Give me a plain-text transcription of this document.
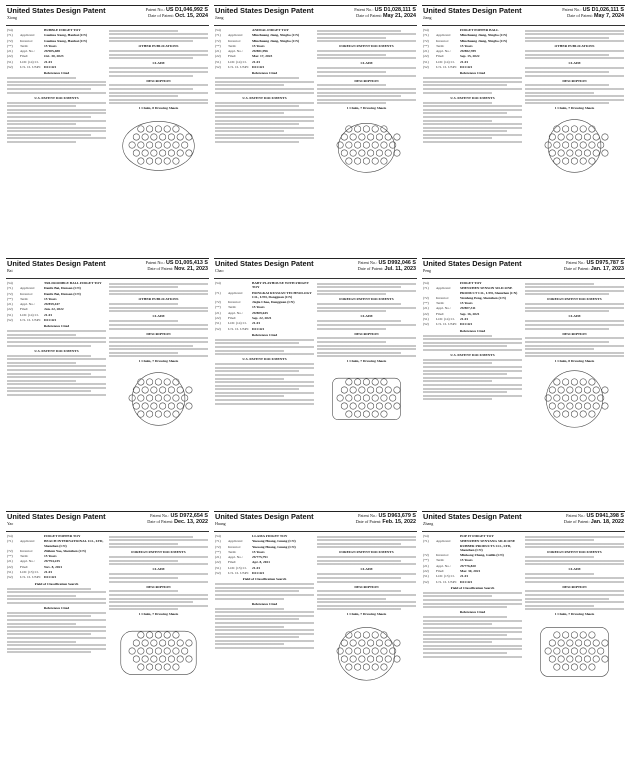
United States Design Patent
Xiong
Patent No.: US D1,046,992 S
Date of Patent: Oct. 15, 2024
(54)	BUBBLE FIDGET TOY
(71)	Applicant:	Guohua Xiong, Hanhai (CN)
(72)	Inventor:	Guohua Xiong, Hanhai (CN)
(**)	Term:	15 Years
(21)	Appl. No.:	29/905,488
(22)	Filed:	Oct. 30, 2023
(51)	LOC (14) Cl.	21-01
(52)	U.S. Cl. USPC D21/421
References Cited
U.S. PATENT DOCUMENTS
OTHER PUBLICATIONS
CLAIM
DESCRIPTION
1 Claim, 8 Drawing Sheets
United States Design Patent
Jiang
Patent No.: US D1,028,111 S
Date of Patent: May 21, 2024
(54)	ANIMAL FIDGET TOY
(71)	Applicant:	Minzhuang Jiang, Ningbo (CN)
(72)	Inventor:	Minzhuang Jiang, Ningbo (CN)
(**)	Term:	15 Years
(21)	Appl. No.:	29/881,996
(22)	Filed:	Mar. 17, 2023
(51)	LOC (14) Cl.	21-01
(52)	U.S. Cl. USPC D21/421
References Cited
U.S. PATENT DOCUMENTS
FOREIGN PATENT DOCUMENTS
CLAIM
DESCRIPTION
1 Claim, 7 Drawing Sheets
United States Design Patent
Jiang
Patent No.: US D1,026,111 S
Date of Patent: May 7, 2024
(54)	FIDGET POPPER BALL
(71)	Applicant:	Minzhuang Jiang, Ningbo (CN)
(72)	Inventor:	Minzhuang Jiang, Ningbo (CN)
(**)	Term:	15 Years
(21)	Appl. No.:	29/882,789
(22)	Filed:	Sep. 15, 2022
(51)	LOC (14) Cl.	21-01
(52)	U.S. Cl. USPC D21/421
References Cited
U.S. PATENT DOCUMENTS
OTHER PUBLICATIONS
CLAIM
DESCRIPTION
1 Claim, 7 Drawing Sheets
United States Design Patent
Bai
Patent No.: US D1,005,413 S
Date of Patent: Nov. 21, 2023
(54)	TRI-DOODBLE BALL FIDGET TOY
(71)	Applicant:	Danfu Bai, Dunsan (CN)
(72)	Inventor:	Danfu Bai, Dunsan (CN)
(**)	Term:	15 Years
(21)	Appl. No.:	29/859,447
(22)	Filed:	Jun. 22, 2022
(51)	LOC (14) Cl.	21-01
(52)	U.S. Cl. USPC D21/421
References Cited
U.S. PATENT DOCUMENTS
OTHER PUBLICATIONS
CLAIM
DESCRIPTION
1 Claim, 7 Drawing Sheets
United States Design Patent
Chao
Patent No.: US D992,046 S
Date of Patent: Jul. 11, 2023
(54)	BABY PLAYHOUSE WITH FIDGET TOY
(71)	Applicant:	HONGKAI RUSSIAN TECHNOLOGY CO., LTD, Dongguan (CN)
(72)	Inventor:	Jiajia Chao, Dongguan (CN)
(**)	Term:	15 Years
(21)	Appl. No.:	29/809,645
(22)	Filed:	Sep. 22, 2021
(51)	LOC (14) Cl.	21-01
(52)	U.S. Cl. USPC D21/421
References Cited
U.S. PATENT DOCUMENTS
FOREIGN PATENT DOCUMENTS
CLAIM
DESCRIPTION
1 Claim, 7 Drawing Sheets
United States Design Patent
Peng
Patent No.: US D975,787 S
Date of Patent: Jan. 17, 2023
(54)	FIDGET TOY
(71)	Applicant:	SHENZHEN SENSON SILICONE PRODUCT CO., LTD, Shenzhen (CN)
(72)	Inventor:	Wenfeng Peng, Shenzhen (CN)
(**)	Term:	15 Years
(21)	Appl. No.:	29/807,311
(22)	Filed:	Sep. 16, 2021
(51)	LOC (14) Cl.	21-01
(52)	U.S. Cl. USPC D21/421
References Cited
U.S. PATENT DOCUMENTS
FOREIGN PATENT DOCUMENTS
CLAIM
DESCRIPTION
1 Claim, 8 Drawing Sheets
United States Design Patent
Yao
Patent No.: US D972,654 S
Date of Patent: Dec. 13, 2022
(54)	FIDGET POPPER TOY
(71)	Applicant:	BEACH INTERNATIONAL CO., LTD, Shenzhen (CN)
(72)	Inventor:	Zhikun Yao, Shenzhen (CN)
(**)	Term:	15 Years
(21)	Appl. No.:	29/794,235
(22)	Filed:	Nov. 8, 2021
(51)	LOC (13) Cl.	21-01
(52)	U.S. Cl. USPC D21/421
Field of Classification Search
References Cited
FOREIGN PATENT DOCUMENTS
CLAIM
DESCRIPTION
1 Claim, 7 Drawing Sheets
United States Design Patent
Huang
Patent No.: US D963,679 S
Date of Patent: Feb. 15, 2022
(54)	LLAMA FIDGET TOY
(71)	Applicant:	Yuesong Huang, Guang (CN)
(72)	Inventor:	Yuesong Huang, Guang (CN)
(**)	Term:	15 Years
(21)	Appl. No.:	29/775,791
(22)	Filed:	Apr. 8, 2021
(51)	LOC (13) Cl.	21-01
(52)	U.S. Cl. USPC D21/421
Field of Classification Search
References Cited
FOREIGN PATENT DOCUMENTS
CLAIM
DESCRIPTION
1 Claim, 7 Drawing Sheets
United States Design Patent
Zhang
Patent No.: US D941,398 S
Date of Patent: Jan. 18, 2022
(54)	POP IT FIDGET TOY
(71)	Applicant:	SHENZHEN SENYANG SILICONE RUBBER PRODUCTS CO., LTD, Shenzhen (CN)
(72)	Inventor:	Minkong Zhang, Guilin (CN)
(**)	Term:	15 Years
(21)	Appl. No.:	29/776,820
(22)	Filed:	Mar. 30, 2021
(51)	LOC (13) Cl.	21-01
(52)	U.S. Cl. USPC D21/421
Field of Classification Search
References Cited
FOREIGN PATENT DOCUMENTS
CLAIM
DESCRIPTION
1 Claim, 7 Drawing Sheets
